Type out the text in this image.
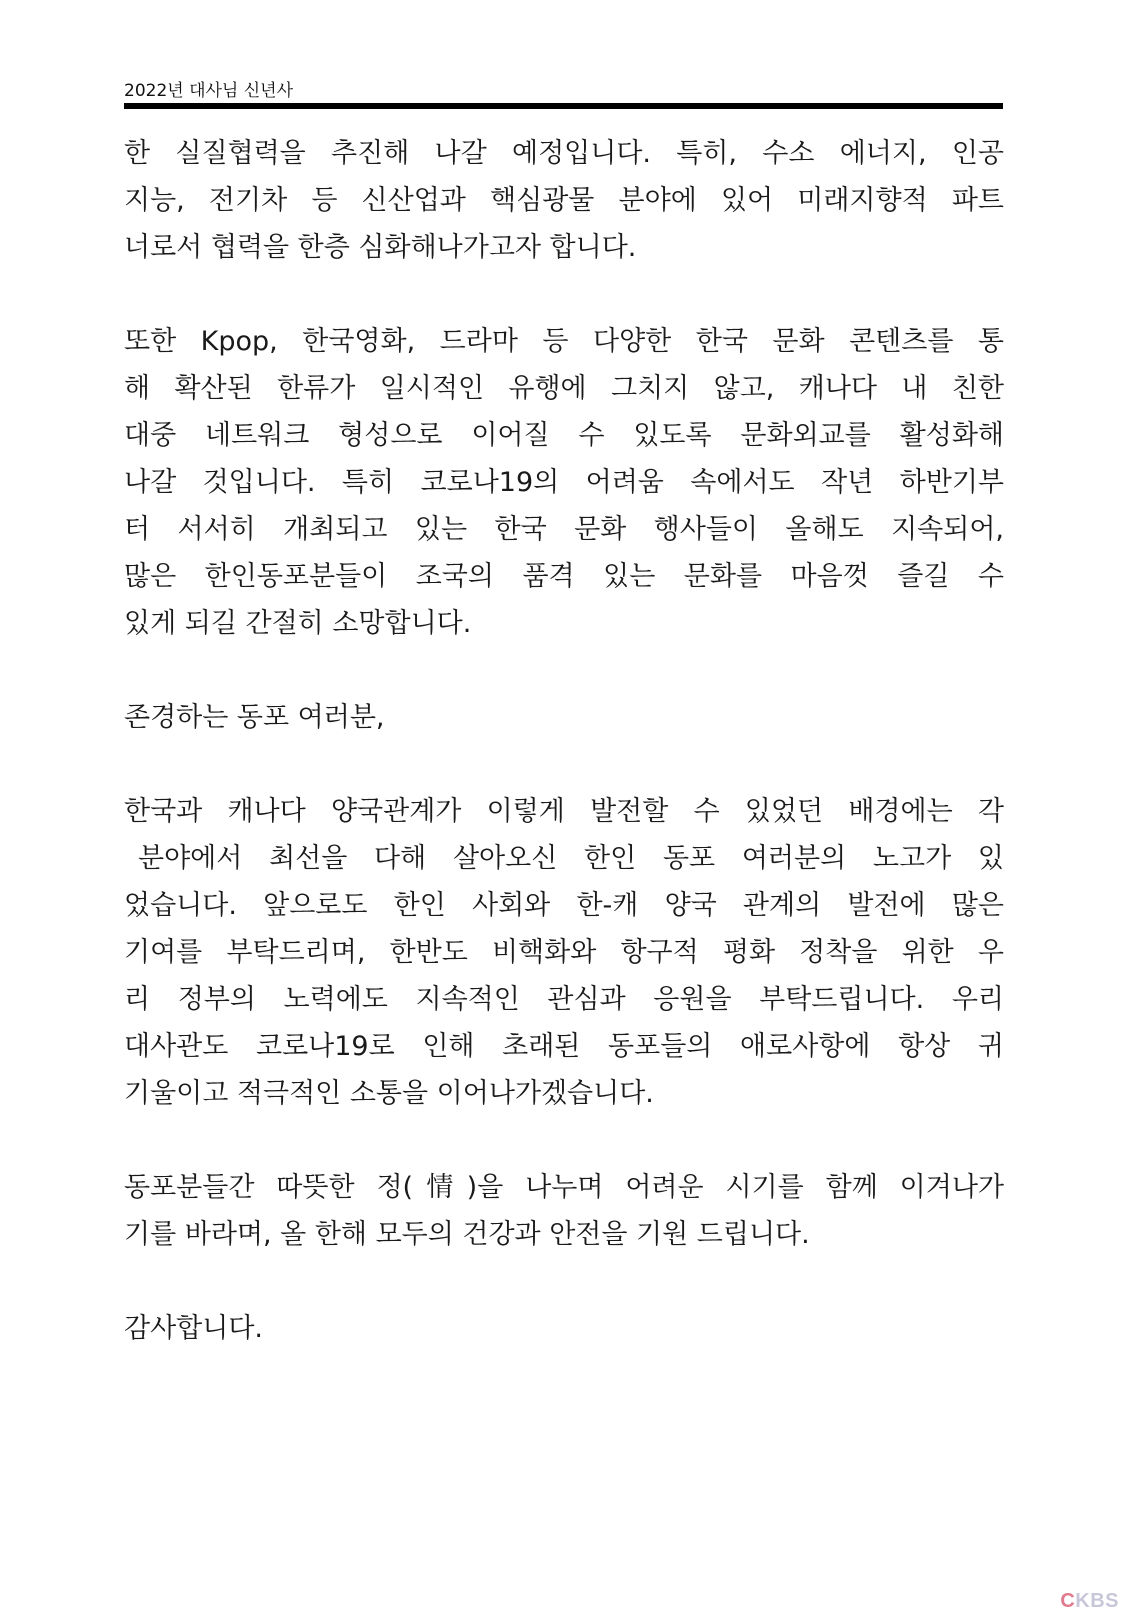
2022년 대사님 신년사
한 실질협력을 추진해 나갈 예정입니다. 특히, 수소 에너지, 인공
지능, 전기차 등 신산업과 핵심광물 분야에 있어 미래지향적 파트
너로서 협력을 한층 심화해나가고자 합니다.
또한 Kpop, 한국영화, 드라마 등 다양한 한국 문화 콘텐츠를 통
해 확산된 한류가 일시적인 유행에 그치지 않고, 캐나다 내 친한
대중 네트워크 형성으로 이어질 수 있도록 문화외교를 활성화해
나갈 것입니다. 특히 코로나19의 어려움 속에서도 작년 하반기부
터 서서히 개최되고 있는 한국 문화 행사들이 올해도 지속되어,
많은 한인동포분들이 조국의 품격 있는 문화를 마음껏 즐길 수
있게 되길 간절히 소망합니다.
존경하는 동포 여러분,
한국과 캐나다 양국관계가 이렇게 발전할 수 있었던 배경에는 각
분야에서 최선을 다해 살아오신 한인 동포 여러분의 노고가 있
었습니다. 앞으로도 한인 사회와 한-캐 양국 관계의 발전에 많은
기여를 부탁드리며, 한반도 비핵화와 항구적 평화 정착을 위한 우
리 정부의 노력에도 지속적인 관심과 응원을 부탁드립니다. 우리
대사관도 코로나19로 인해 초래된 동포들의 애로사항에 항상 귀
기울이고 적극적인 소통을 이어나가겠습니다.
동포분들간 따뜻한 정(情)을 나누며 어려운 시기를 함께 이겨나가
기를 바라며, 올 한해 모두의 건강과 안전을 기원 드립니다.
감사합니다.
CKBS
